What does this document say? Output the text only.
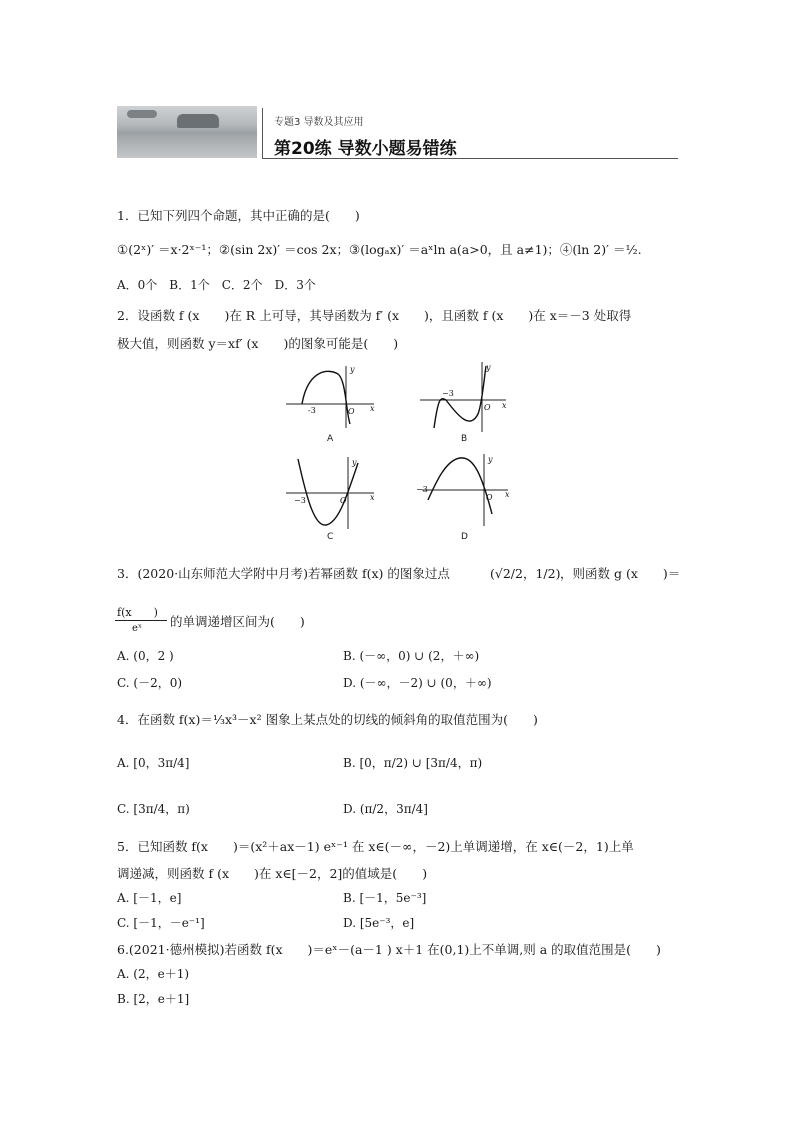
专题3 导数及其应用
第20练 导数小题易错练
1．已知下列四个命题，其中正确的是(　　)
①(2ˣ)′ ＝x·2ˣ⁻¹；②(sin 2x)′ ＝cos 2x；③(logₐx)′ ＝aˣln a(a>0，且 a≠1)；④(ln 2)′ ＝½.
A．0个　B．1个　C．2个　D．3个
2．设函数 f (x　　)在 R 上可导，其导函数为 f′ (x　　)，且函数 f (x　　)在 x＝－3 处取得
极大值，则函数 y＝xf′ (x　　)的图象可能是(　　)
-3	O x
y
A
−3
O x
y
B
−3	O	x
y
C
−3
O x
y
D
3．(2020·山东师范大学附中月考)若幂函数 f(x) 的图象过点	(√2/2，1/2) ，则函数 g (x　　)＝
f(x　　)
eˣ 的单调递增区间为(　　)
A. (0，2 )	B. (－∞，0) ∪ (2，＋∞)
C. (－2，0)	D. (－∞，－2) ∪ (0，＋∞)
4．在函数 f(x)＝⅓x³－x² 图象上某点处的切线的倾斜角的取值范围为(　　)
A. [0，3π/4]	B. [0，π/2) ∪ [3π/4，π)
C. [3π/4，π)	D. (π/2，3π/4]
5．已知函数 f(x　　)＝(x²＋ax－1) eˣ⁻¹ 在 x∈(－∞，－2)上单调递增，在 x∈(－2，1)上单
调递减，则函数 f (x　　)在 x∈[－2，2]的值域是(　　)
A. [－1，e]	B. [－1，5e⁻³]
C. [－1，－e⁻¹]	D. [5e⁻³，e]
6.(2021·德州模拟)若函数 f(x　　)＝eˣ－(a－1 ) x＋1 在(0,1)上不单调,则 a 的取值范围是(　　)
A. (2，e＋1)
B. [2，e＋1]
